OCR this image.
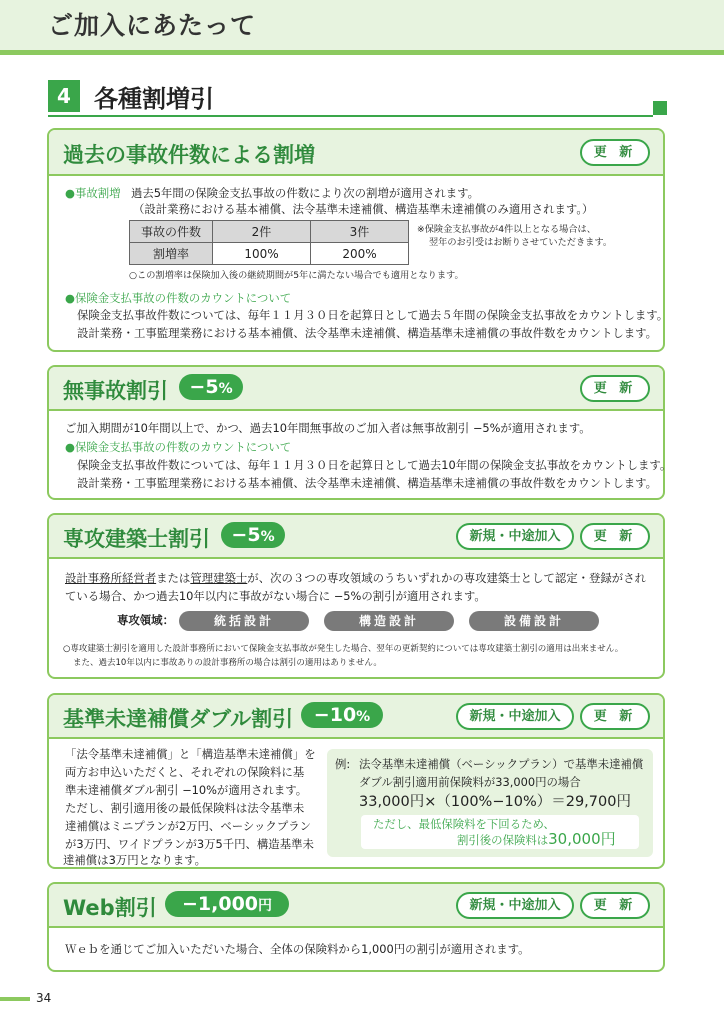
ご加入にあたって
4 各種割増引
過去の事故件数による割増	更 新
●事故割増 過去5年間の保険金支払事故の件数により次の割増が適用されます。
（設計業務における基本補償、法令基準未達補償、構造基準未達補償のみ適用されます。）
事故の件数	2件	3件
割増率	100%	200%
※保険金支払事故が4件以上となる場合は、
翌年のお引受はお断りさせていただきます。
○この割増率は保険加入後の継続期間が5年に満たない場合でも適用となります。
●保険金支払事故の件数のカウントについて
保険金支払事故件数については、毎年１１月３０日を起算日として過去５年間の保険金支払事故をカウントします。
設計業務・工事監理業務における基本補償、法令基準未達補償、構造基準未達補償の事故件数をカウントします。
無事故割引	−5%	更 新
ご加入期間が10年間以上で、かつ、過去10年間無事故のご加入者は無事故割引 −5%が適用されます。
●保険金支払事故の件数のカウントについて
保険金支払事故件数については、毎年１１月３０日を起算日として過去10年間の保険金支払事故をカウントします。
設計業務・工事監理業務における基本補償、法令基準未達補償、構造基準未達補償の事故件数をカウントします。
専攻建築士割引	−5%	新規・中途加入	更 新
設計事務所経営者または管理建築士が、次の３つの専攻領域のうちいずれかの専攻建築士として認定・登録がされ
ている場合、かつ過去10年以内に事故がない場合に −5%の割引が適用されます。
専攻領域：	統括設計	構造設計	設備設計
○専攻建築士割引を適用した設計事務所において保険金支払事故が発生した場合、翌年の更新契約については専攻建築士割引の適用は出来ません。
また、過去10年以内に事故ありの設計事務所の場合は割引の適用はありません。
基準未達補償ダブル割引	−10%	新規・中途加入	更 新
「法令基準未達補償」と「構造基準未達補償」を
両方お申込いただくと、それぞれの保険料に基
準未達補償ダブル割引 −10%が適用されます。
ただし、割引適用後の最低保険料は法令基準未
達補償はミニプランが2万円、ベーシックプラン
が3万円、ワイドプランが3万5千円、構造基準未
例: 法令基準未達補償（ベーシックプラン）で基準未達補償
ダブル割引適用前保険料が33,000円の場合
33,000円×（100%−10%）＝29,700円
ただし、最低保険料を下回るため、
割引後の保険料は30,000円
達補償は3万円となります。
Web割引	−1,000円	新規・中途加入	更 新
Ｗｅｂを通じてご加入いただいた場合、全体の保険料から1,000円の割引が適用されます。
34
